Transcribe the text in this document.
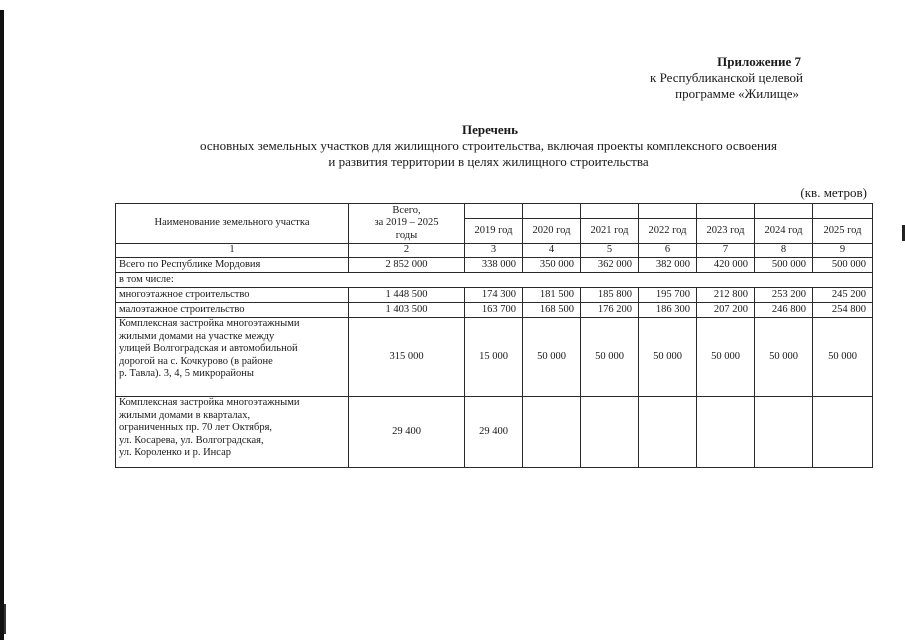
Приложение 7
к Республиканской целевой
программе «Жилище»
Перечень
основных земельных участков для жилищного строительства, включая проекты комплексного освоения
и развития территории в целях жилищного строительства
(кв. метров)
Наименование земельного участка	Всего,
за 2019 – 2025
годы							

		2019 год	2020 год	2021 год	2022 год	2023 год	2024 год	2025 год
1	2	3	4	5	6	7	8	9
Всего по Республике Мордовия	2 852 000	338 000	350 000	362 000	382 000	420 000	500 000	500 000
в том числе:								
многоэтажное строительство	1 448 500	174 300	181 500	185 800	195 700	212 800	253 200	245 200
малоэтажное строительство	1 403 500	163 700	168 500	176 200	186 300	207 200	246 800	254 800

Комплексная застройка многоэтажными
жилыми домами на участке между
улицей Волгоградская и автомобильной
дорогой на с. Кочкурово (в районе
р. Тавла). 3, 4, 5 микрорайоны	315 000	15 000	50 000	50 000	50 000	50 000	50 000	50 000

Комплексная застройка многоэтажными
жилыми домами в кварталах,
ограниченных пр. 70 лет Октября,
ул. Косарева, ул. Волгоградская,
ул. Короленко и р. Инсар	29 400	29 400						
